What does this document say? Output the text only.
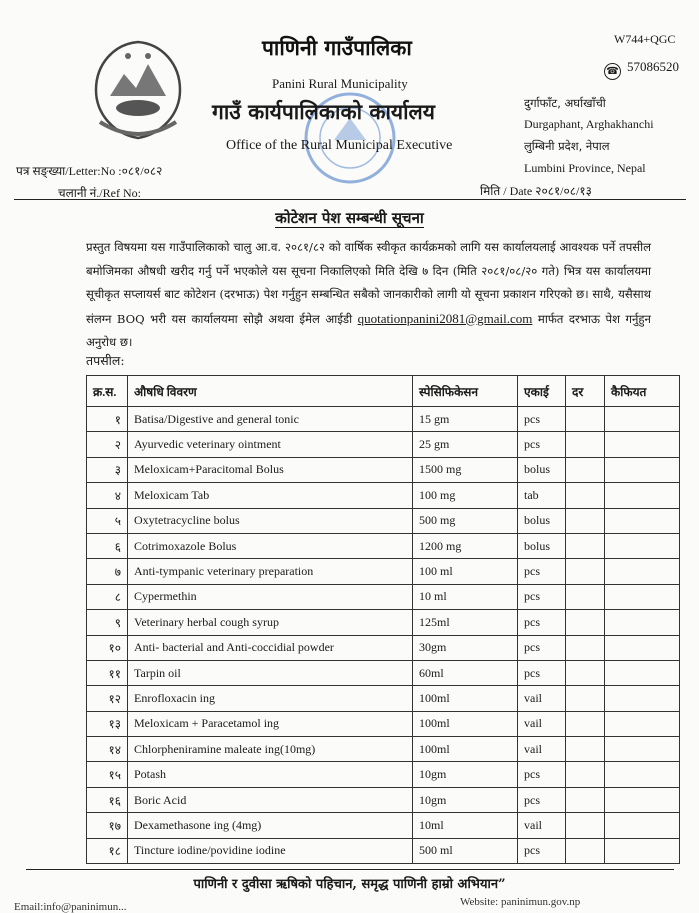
पाणिनी गाउँपालिका
Panini Rural Municipality
गाउँ कार्यपालिकाको कार्यालय
Office of the Rural Municipal Executive
W744+QGC
☎ 57086520
दुर्गाफाँट, अर्घाखाँची
Durgaphant, Arghakhanchi
लुम्बिनी प्रदेश, नेपाल
Lumbini Province, Nepal
पत्र सङ्ख्या/Letter:No :०८१/०८२
चलानी नं./Ref No:	मिति / Date २०८१/०८/१३
कोटेशन पेश सम्बन्धी सूचना

प्रस्तुत विषयमा यस गाउँपालिकाको चालु आ.व. २०८१/८२ को वार्षिक स्वीकृत कार्यक्रमको लागि यस कार्यालयलाई आवश्यक पर्ने तपसील बमोजिमका औषधी खरीद गर्नु पर्ने भएकोले यस सूचना निकालिएको मिति देखि ७ दिन (मिति २०८१/०८/२० गते) भित्र यस कार्यालयमा सूचीकृत सप्लायर्स बाट कोटेशन (दरभाऊ) पेश गर्नुहुन सम्बन्धित सबैको जानकारीको लागी यो सूचना प्रकाशन गरिएको छ। साथै, यसैसाथ संलग्न BOQ भरी यस कार्यालयमा सोझै अथवा ईमेल आईडी quotationpanini2081@gmail.com मार्फत दरभाऊ पेश गर्नुहुन अनुरोध छ।

तपसील:
क्र.स.	औषधि विवरण	स्पेसिफिकेसन	एकाई	दर	कैफियत
१	Batisa/Digestive and general tonic	15 gm	pcs		
२	Ayurvedic veterinary ointment	25 gm	pcs		
३	Meloxicam+Paracitomal Bolus	1500 mg	bolus		
४	Meloxicam Tab	100 mg	tab		
५	Oxytetracycline bolus	500 mg	bolus		
६	Cotrimoxazole Bolus	1200 mg	bolus		
७	Anti-tympanic veterinary preparation	100 ml	pcs		
८	Cypermethin	10 ml	pcs		
९	Veterinary herbal cough syrup	125ml	pcs		
१०	Anti- bacterial and Anti-coccidial powder	30gm	pcs		
११	Tarpin oil	60ml	pcs		
१२	Enrofloxacin ing	100ml	vail		
१३	Meloxicam + Paracetamol ing	100ml	vail		
१४	Chlorpheniramine maleate ing(10mg)	100ml	vail		
१५	Potash	10gm	pcs		
१६	Boric Acid	10gm	pcs		
१७	Dexamethasone ing (4mg)	10ml	vail		
१८	Tincture iodine/povidine iodine	500 ml	pcs		
पाणिनी र दुवीसा ऋषिको पहिचान, समृद्ध पाणिनी हाम्रो अभियान”
Email:info@paninimun...	Website: paninimun.gov.np
